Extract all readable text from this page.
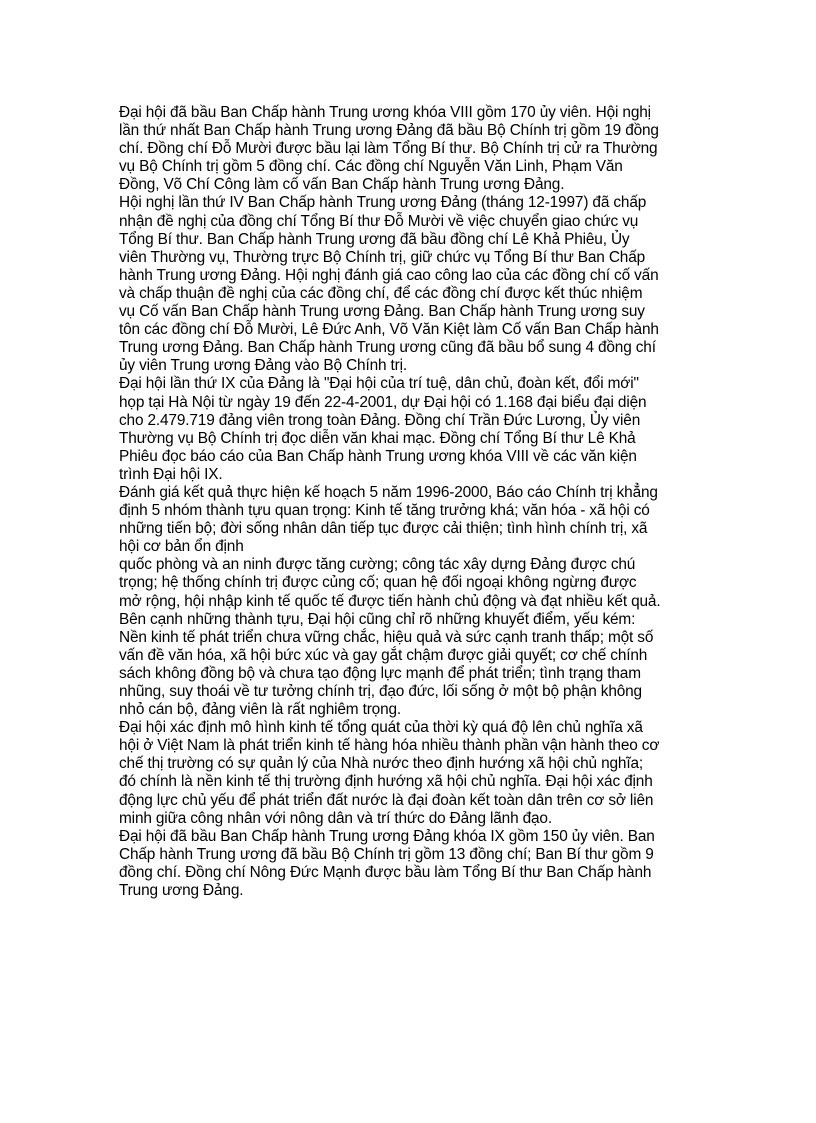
Đại hội đã bầu Ban Chấp hành Trung ương khóa VIII gồm 170 ủy viên. Hội nghị
lần thứ nhất Ban Chấp hành Trung ương Đảng đã bầu Bộ Chính trị gồm 19 đồng
chí. Đồng chí Đỗ Mười được bầu lại làm Tổng Bí thư. Bộ Chính trị cử ra Thường
vụ Bộ Chính trị gồm 5 đồng chí. Các đồng chí Nguyễn Văn Linh, Phạm Văn
Đồng, Võ Chí Công làm cố vấn Ban Chấp hành Trung ương Đảng.
Hội nghị lần thứ IV Ban Chấp hành Trung ương Đảng (tháng 12-1997) đã chấp
nhận đề nghị của đồng chí Tổng Bí thư Đỗ Mười về việc chuyển giao chức vụ
Tổng Bí thư. Ban Chấp hành Trung ương đã bầu đồng chí Lê Khả Phiêu, Ủy
viên Thường vụ, Thường trực Bộ Chính trị, giữ chức vụ Tổng Bí thư Ban Chấp
hành Trung ương Đảng. Hội nghị đánh giá cao công lao của các đồng chí cố vấn
và chấp thuận đề nghị của các đồng chí, để các đồng chí được kết thúc nhiệm
vụ Cố vấn Ban Chấp hành Trung ương Đảng. Ban Chấp hành Trung ương suy
tôn các đồng chí Đỗ Mười, Lê Đức Anh, Võ Văn Kiệt làm Cố vấn Ban Chấp hành
Trung ương Đảng. Ban Chấp hành Trung ương cũng đã bầu bổ sung 4 đồng chí
ủy viên Trung ương Đảng vào Bộ Chính trị.
Đại hội lần thứ IX của Đảng là "Đại hội của trí tuệ, dân chủ, đoàn kết, đổi mới"
họp tại Hà Nội từ ngày 19 đến 22-4-2001, dự Đại hội có 1.168 đại biểu đại diện
cho 2.479.719 đảng viên trong toàn Đảng. Đồng chí Trần Đức Lương, Ủy viên
Thường vụ Bộ Chính trị đọc diễn văn khai mạc. Đồng chí Tổng Bí thư Lê Khả
Phiêu đọc báo cáo của Ban Chấp hành Trung ương khóa VIII về các văn kiện
trình Đại hội IX.
Đánh giá kết quả thực hiện kế hoạch 5 năm 1996-2000, Báo cáo Chính trị khẳng
định 5 nhóm thành tựu quan trọng: Kinh tế tăng trưởng khá; văn hóa - xã hội có
những tiến bộ; đời sống nhân dân tiếp tục được cải thiện; tình hình chính trị, xã
hội cơ bản ổn định
quốc phòng và an ninh được tăng cường; công tác xây dựng Đảng được chú
trọng; hệ thống chính trị được củng cố; quan hệ đối ngoại không ngừng được
mở rộng, hội nhập kinh tế quốc tế được tiến hành chủ động và đạt nhiều kết quả.
Bên cạnh những thành tựu, Đại hội cũng chỉ rõ những khuyết điểm, yếu kém:
Nền kinh tế phát triển chưa vững chắc, hiệu quả và sức cạnh tranh thấp; một số
vấn đề văn hóa, xã hội bức xúc và gay gắt chậm được giải quyết; cơ chế chính
sách không đồng bộ và chưa tạo động lực mạnh để phát triển; tình trạng tham
nhũng, suy thoái về tư tưởng chính trị, đạo đức, lối sống ở một bộ phận không
nhỏ cán bộ, đảng viên là rất nghiêm trọng.
Đại hội xác định mô hình kinh tế tổng quát của thời kỳ quá độ lên chủ nghĩa xã
hội ở Việt Nam là phát triển kinh tế hàng hóa nhiều thành phần vận hành theo cơ
chế thị trường có sự quản lý của Nhà nước theo định hướng xã hội chủ nghĩa;
đó chính là nền kinh tế thị trường định hướng xã hội chủ nghĩa. Đại hội xác định
động lực chủ yếu để phát triển đất nước là đại đoàn kết toàn dân trên cơ sở liên
minh giữa công nhân với nông dân và trí thức do Đảng lãnh đạo.
Đại hội đã bầu Ban Chấp hành Trung ương Đảng khóa IX gồm 150 ủy viên. Ban
Chấp hành Trung ương đã bầu Bộ Chính trị gồm 13 đồng chí; Ban Bí thư gồm 9
đồng chí. Đồng chí Nông Đức Mạnh được bầu làm Tổng Bí thư Ban Chấp hành
Trung ương Đảng.
